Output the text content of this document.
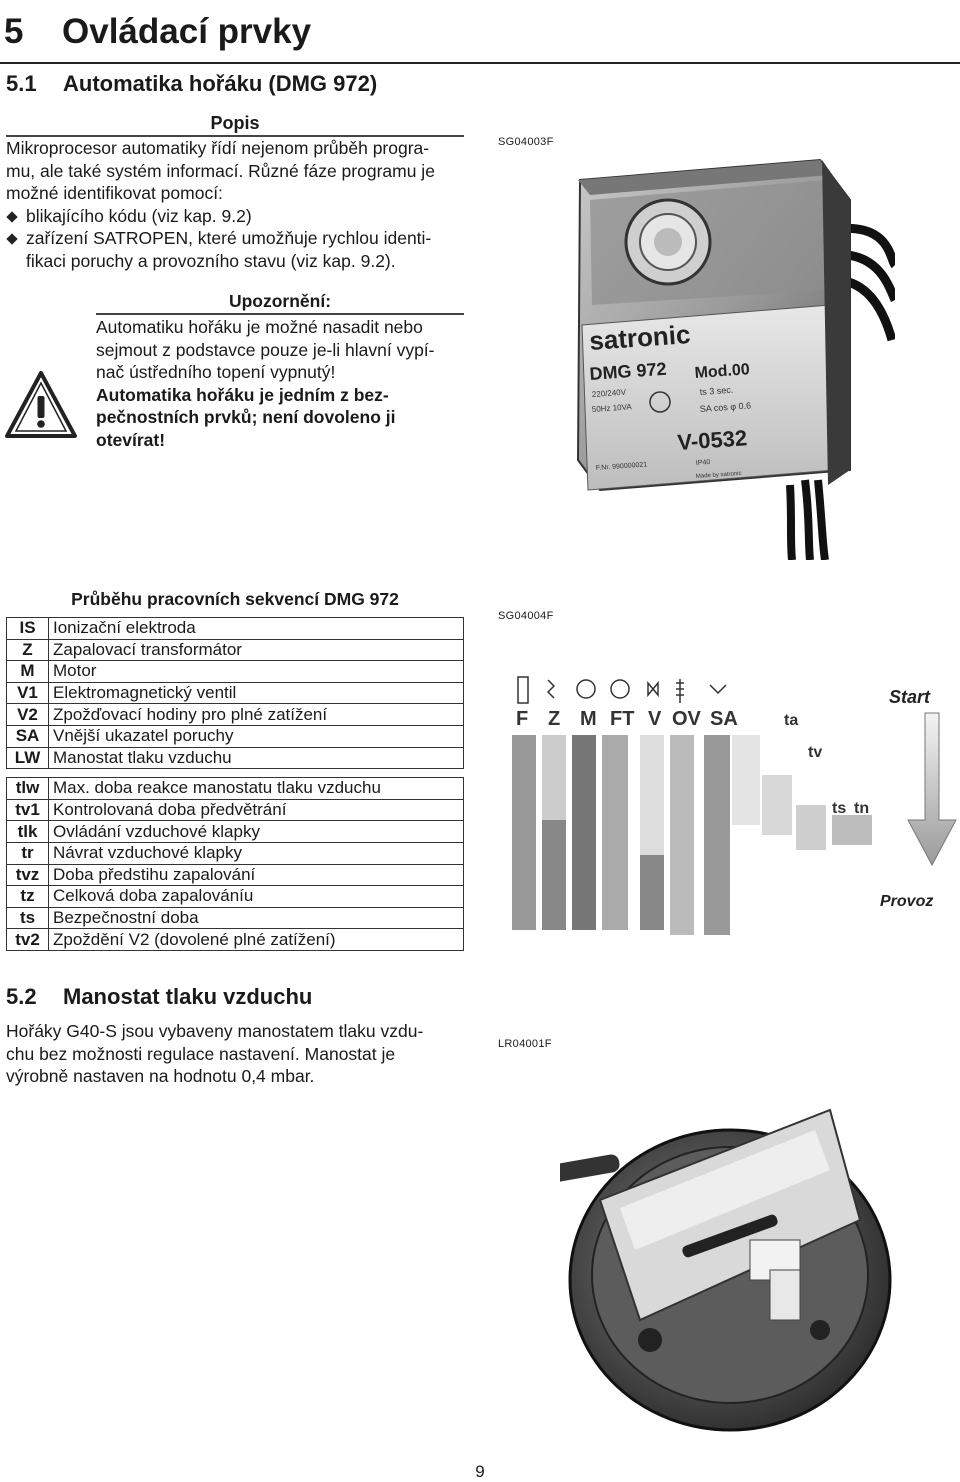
5 Ovládací prvky
5.1 Automatika hořáku (DMG 972)
Popis
Mikroprocesor automatiky řídí nejenom průběh progra-
mu, ale také systém informací. Různé fáze programu je
možné identifikovat pomocí:
blikajícího kódu (viz kap. 9.2)
zařízení SATROPEN, které umožňuje rychlou identi-
fikaci poruchy a provozního stavu (viz kap. 9.2).
Upozornění:
Automatiku hořáku je možné nasadit nebo
sejmout z podstavce pouze je-li hlavní vypí-
nač ústředního topení vypnutý!
Automatika hořáku je jedním z bez-
pečnostních prvků; není dovoleno ji
otevírat!
SG04003F
satronic
DMG 972 Mod.00
220/240V
50Hz 10VA
ts 3 sec.
SA cos φ 0.6
V-0532
IP40
F.Nr. 990000021
Made by satronic
Průběhu pracovních sekvencí DMG 972
IS	Ionizační elektroda
Z	Zapalovací transformátor
M	Motor
V1	Elektromagnetický ventil
V2	Zpožďovací hodiny pro plné zatížení
SA	Vnější ukazatel poruchy
LW	Manostat tlaku vzduchu

tlw	Max. doba reakce manostatu tlaku vzduchu
tv1	Kontrolovaná doba předvětrání
tlk	Ovládání vzduchové klapky
tr	Návrat vzduchové klapky
tvz	Doba předstihu zapalování
tz	Celková doba zapalováníu
ts	Bezpečnostní doba
tv2	Zpoždění V2 (dovolené plné zatížení)
SG04004F
F Z M FT V OV SA	ta
tv
ts tn
Start
Provoz
5.2 Manostat tlaku vzduchu
Hořáky G40-S jsou vybaveny manostatem tlaku vzdu-
chu bez možnosti regulace nastavení. Manostat je
výrobně nastaven na hodnotu 0,4 mbar.
LR04001F
9
